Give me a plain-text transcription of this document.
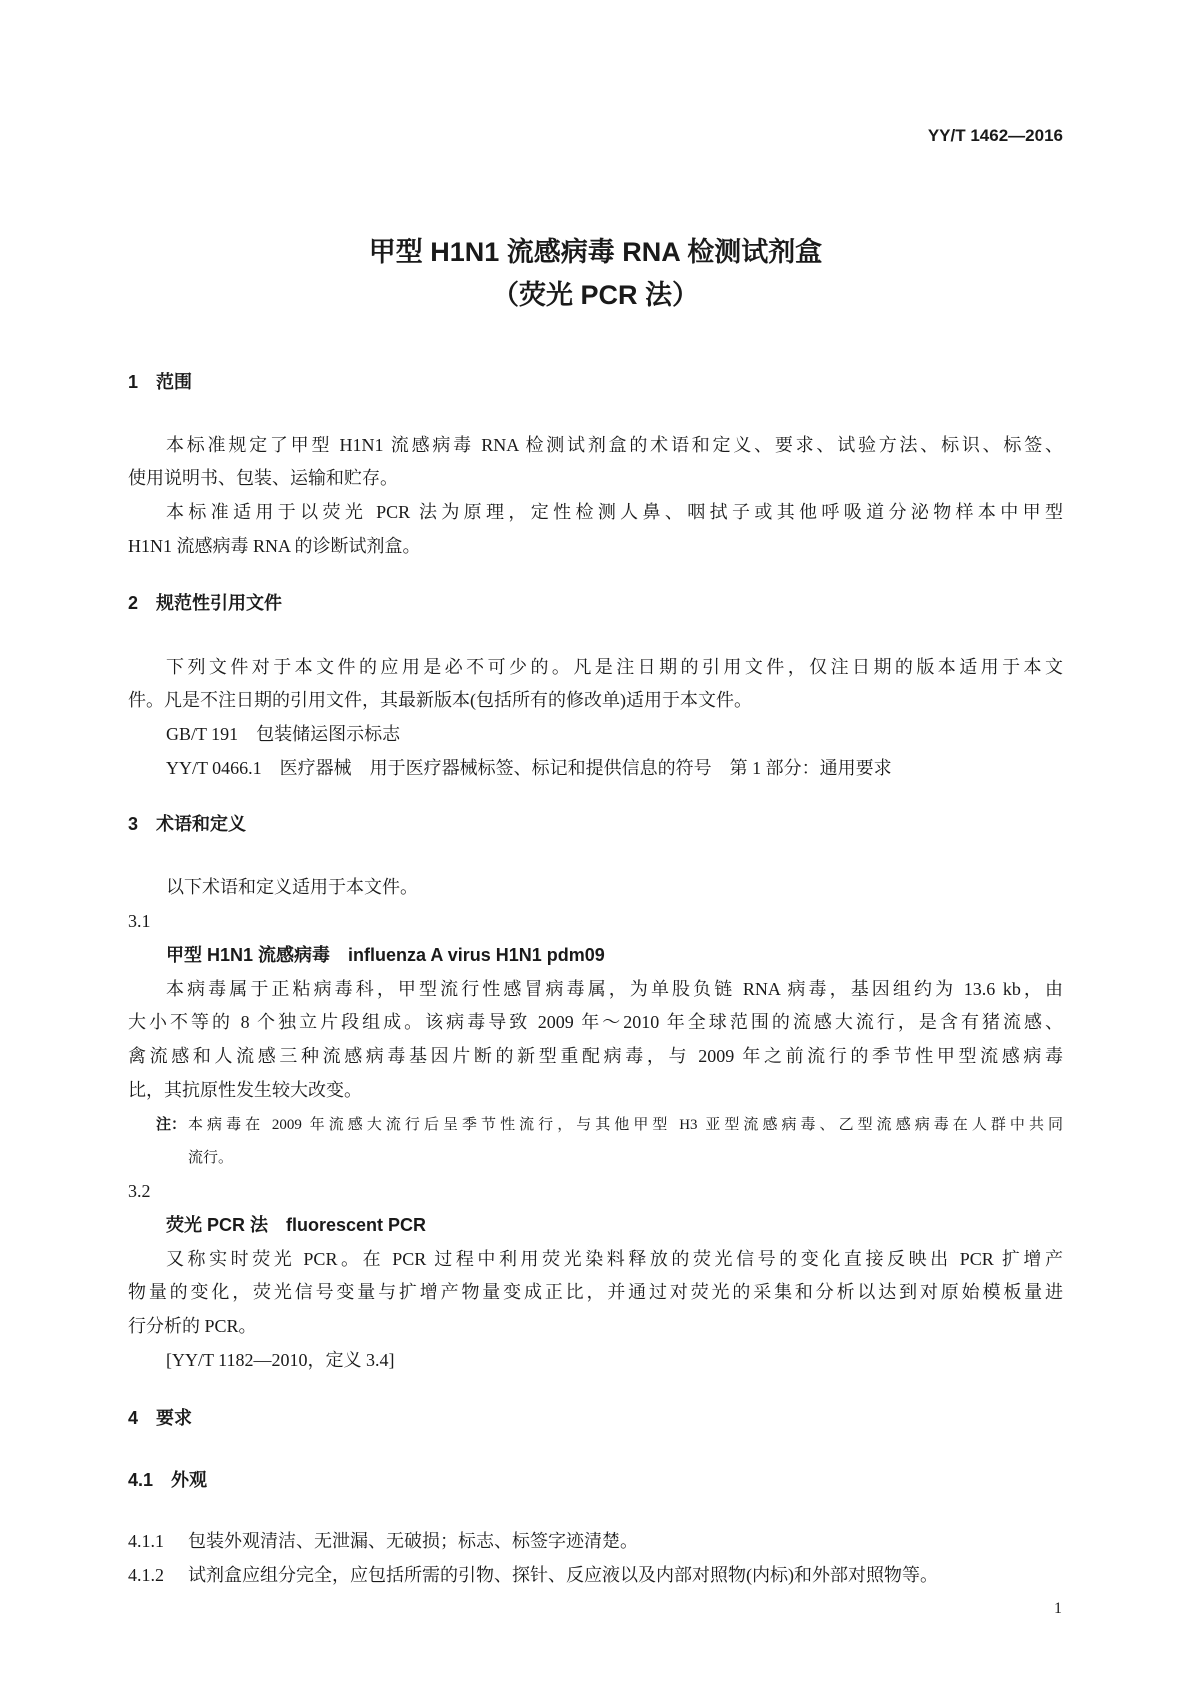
YY/T 1462—2016
甲型 H1N1 流感病毒 RNA 检测试剂盒
（荧光 PCR 法）
1　范围
本标准规定了甲型 H1N1 流感病毒 RNA 检测试剂盒的术语和定义、要求、试验方法、标识、标签、
使用说明书、包装、运输和贮存。
本标准适用于以荧光 PCR 法为原理，定性检测人鼻、咽拭子或其他呼吸道分泌物样本中甲型
H1N1 流感病毒 RNA 的诊断试剂盒。
2　规范性引用文件
下列文件对于本文件的应用是必不可少的。凡是注日期的引用文件，仅注日期的版本适用于本文
件。凡是不注日期的引用文件，其最新版本(包括所有的修改单)适用于本文件。
GB/T 191　包装储运图示标志
YY/T 0466.1　医疗器械　用于医疗器械标签、标记和提供信息的符号　第 1 部分：通用要求
3　术语和定义
以下术语和定义适用于本文件。
3.1
甲型 H1N1 流感病毒　influenza A virus H1N1 pdm09
本病毒属于正粘病毒科，甲型流行性感冒病毒属，为单股负链 RNA 病毒，基因组约为 13.6 kb，由
大小不等的 8 个独立片段组成。该病毒导致 2009 年～2010 年全球范围的流感大流行，是含有猪流感、
禽流感和人流感三种流感病毒基因片断的新型重配病毒，与 2009 年之前流行的季节性甲型流感病毒
比，其抗原性发生较大改变。
注： 本病毒在 2009 年流感大流行后呈季节性流行，与其他甲型 H3 亚型流感病毒、乙型流感病毒在人群中共同
流行。
3.2
荧光 PCR 法　fluorescent PCR
又称实时荧光 PCR。在 PCR 过程中利用荧光染料释放的荧光信号的变化直接反映出 PCR 扩增产
物量的变化，荧光信号变量与扩增产物量变成正比，并通过对荧光的采集和分析以达到对原始模板量进
行分析的 PCR。
[YY/T 1182—2010，定义 3.4]
4　要求
4.1　外观
4.1.1 包装外观清洁、无泄漏、无破损；标志、标签字迹清楚。
4.1.2 试剂盒应组分完全，应包括所需的引物、探针、反应液以及内部对照物(内标)和外部对照物等。
1
